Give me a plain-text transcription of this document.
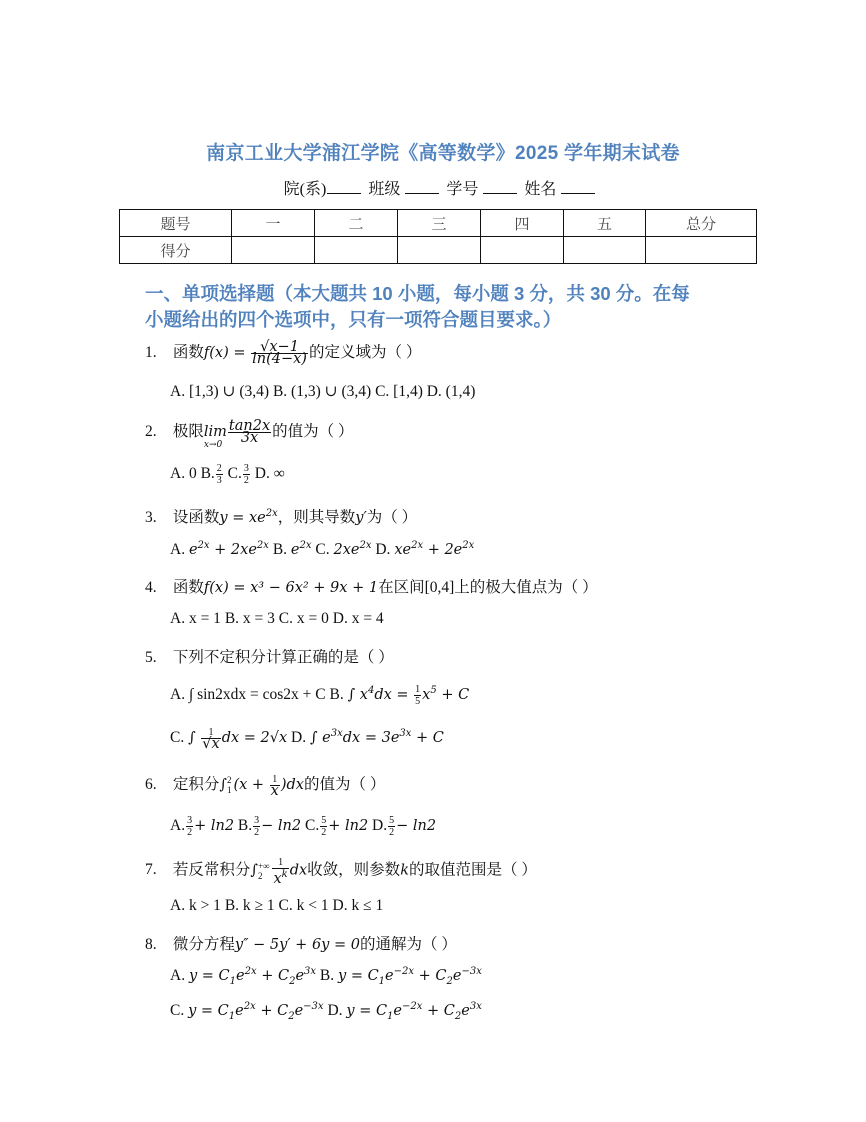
南京工业大学浦江学院《高等数学》2025 学年期末试卷
院(系)	班级	学号	姓名
题号	一	二	三	四	五	总分
得分						
一、单项选择题（本大题共 10 小题，每小题 3 分，共 30 分。在每
小题给出的四个选项中，只有一项符合题目要求。）
1. 函数$f(x) = \frac{√x-1}{\ln(4-x)}$ 的定义域为（ ）
A. [1,3) ∪ (3,4) B. (1,3) ∪ (3,4) C. [1,4) D. (1,4)
2. 极限lim
x→0
$\frac{\tan 2x}{3x}$ 的值为（ ）
A. 0 B. $\frac{2}{3} C$. $\frac{3}{2} D$. ∞
3. 设函数$y = xe^{2x}$，则其导数y′为（ ）
A. $e^{2x} + 2xe^{2x}$ B. $e^{2x}$ C. $2xe^{2x}$ D. $xe^{2x} + 2e^{2x}$
4. 函数f(x) = x³ − 6x² + 9x + 1在区间[0,4]上的极大值点为（ ）
A. x = 1 B. x = 3 C. x = 0 D. x = 4
5. 下列不定积分计算正确的是（ ）
A. ∫ sin2xdx = cos2x + C B. ∫ $x^4dx = \frac{1}{5} x^5 + C$
C. ∫ $\frac{1}{√x}$ dx = 2√x D. ∫ $e^{3x}dx = 3e^{3x} + C$
6. 定积分∫ 2
1 $(x + \frac{1}{x} )dx$的值为（ ）
A. $\frac{3}{2} + \ln 2$ B. $\frac{3}{2} - \ln 2$ C. $\frac{5}{2} + \ln 2$ D. $\frac{5}{2} - \ln 2$
7. 若反常积分∫ +∞
2	$\frac{1}{x^k}$ dx收敛，则参数k的取值范围是（ ）
A. k > 1 B. k ≥ 1 C. k < 1 D. k ≤ 1
8. 微分方程y″ − 5y′ + 6y = 0的通解为（ ）
A. $y = C_1e^{2x} + C_2e^{3x}$ B. $y = C_1e^{-2x} + C_2e^{-3x}$
C. $y = C_1e^{2x} + C_2e^{-3x}$ D. $y = C_1e^{-2x} + C_2e^{3x}$
